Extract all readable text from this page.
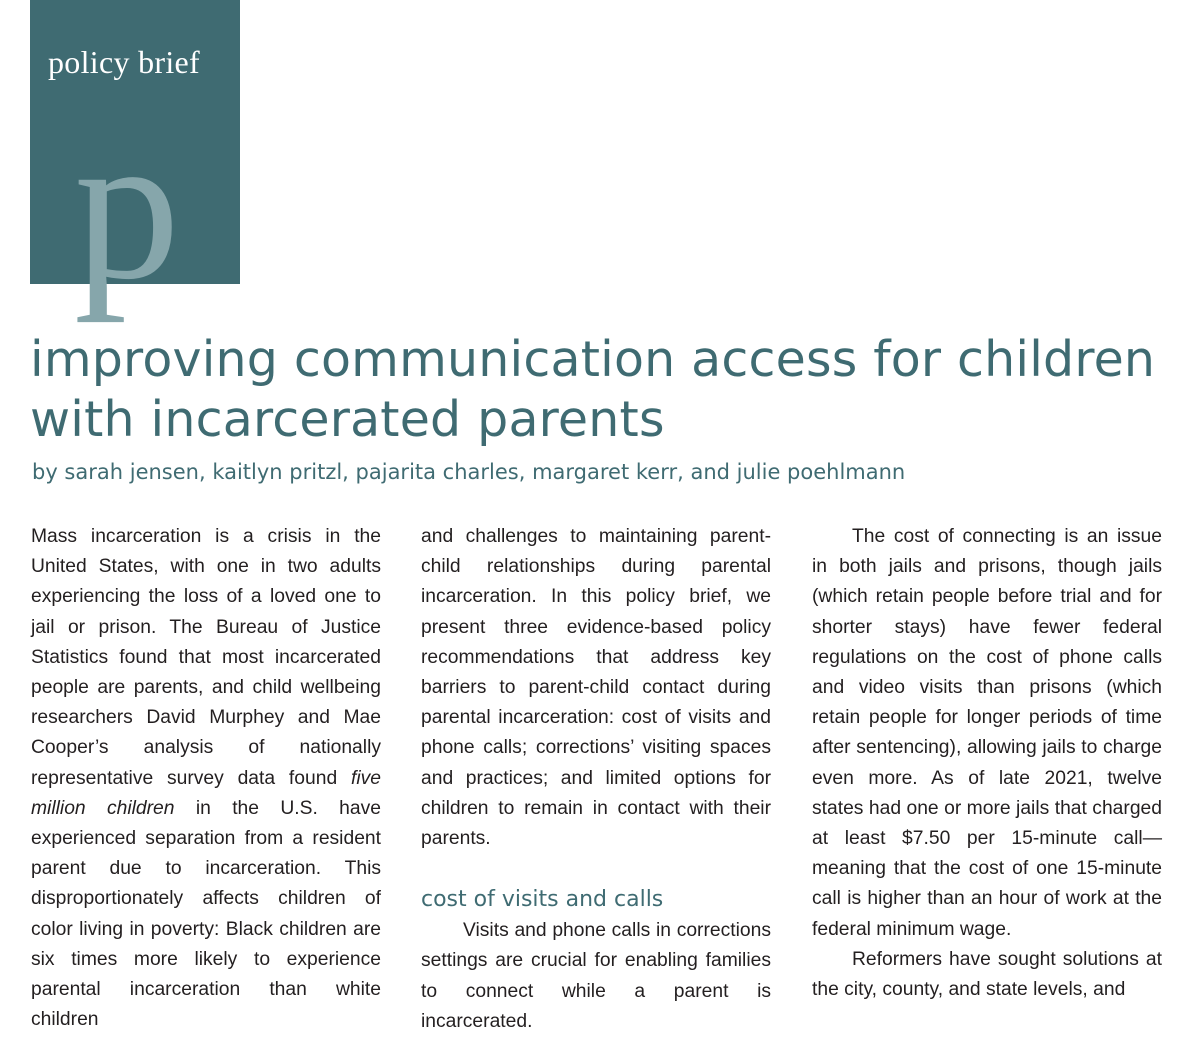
policy brief
p
improving communication access for children with incarcerated parents

by sarah jensen, kaitlyn pritzl, pajarita charles, margaret kerr, and julie poehlmann

Mass incarceration is a crisis in the United States, with one in two adults experiencing the loss of a loved one to jail or prison. The Bureau of Justice Statistics found that most incarcerated people are parents, and child wellbeing researchers David Murphey and Mae Cooper’s analysis of nationally representative survey data found five million children in the U.S. have experienced separation from a resident parent due to incarceration. This disproportionately affects children of color living in poverty: Black children are six times more likely to experience parental incarceration than white children

and challenges to maintaining parent-child relationships during parental incarceration. In this policy brief, we present three evidence-based policy recommendations that address key barriers to parent-child contact during parental incarceration: cost of visits and phone calls; corrections’ visiting spaces and practices; and limited options for children to remain in contact with their parents.

cost of visits and calls

Visits and phone calls in corrections settings are crucial for enabling families to connect while a parent is incarcerated.

The cost of connecting is an issue in both jails and prisons, though jails (which retain people before trial and for shorter stays) have fewer federal regulations on the cost of phone calls and video visits than prisons (which retain people for longer periods of time after sentencing), allowing jails to charge even more. As of late 2021, twelve states had one or more jails that charged at least $7.50 per 15-minute call—meaning that the cost of one 15-minute call is higher than an hour of work at the federal minimum wage.

Reformers have sought solutions at the city, county, and state levels, and
